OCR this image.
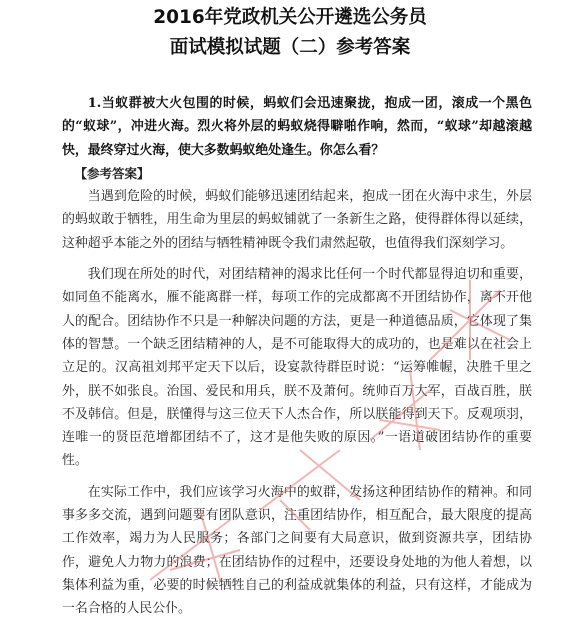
2016年党政机关公开遴选公务员
面试模拟试题（二）参考答案

1.当蚁群被大火包围的时候，蚂蚁们会迅速聚拢，抱成一团，滚成一个黑色的“蚁球”，冲进火海。烈火将外层的蚂蚁烧得噼啪作响，然而，“蚁球”却越滚越快，最终穿过火海，使大多数蚂蚁绝处逢生。你怎么看？

【参考答案】

当遇到危险的时候，蚂蚁们能够迅速团结起来，抱成一团在火海中求生，外层的蚂蚁敢于牺牲，用生命为里层的蚂蚁铺就了一条新生之路，使得群体得以延续，这种超乎本能之外的团结与牺牲精神既令我们肃然起敬，也值得我们深刻学习。

我们现在所处的时代，对团结精神的渴求比任何一个时代都显得迫切和重要，如同鱼不能离水，雁不能离群一样，每项工作的完成都离不开团结协作，离不开他人的配合。团结协作不只是一种解决问题的方法，更是一种道德品质，它体现了集体的智慧。一个缺乏团结精神的人，是不可能取得大的成功的，也是难以在社会上立足的。汉高祖刘邦平定天下以后，设宴款待群臣时说：“运筹帷幄，决胜千里之外，朕不如张良。治国、爱民和用兵，朕不及萧何。统帅百万大军，百战百胜，朕不及韩信。但是，朕懂得与这三位天下人杰合作，所以朕能得到天下。反观项羽，连唯一的贤臣范增都团结不了，这才是他失败的原因。”一语道破团结协作的重要性。

在实际工作中，我们应该学习火海中的蚁群，发扬这种团结协作的精神。和同事多多交流，遇到问题要有团队意识，注重团结协作，相互配合，最大限度的提高工作效率，竭力为人民服务；各部门之间要有大局意识，做到资源共享，团结协作，避免人力物力的浪费；在团结协作的过程中，还要设身处地的为他人着想，以集体利益为重，必要的时候牺牲自己的利益成就集体的利益，只有这样，才能成为一名合格的人民公仆。
